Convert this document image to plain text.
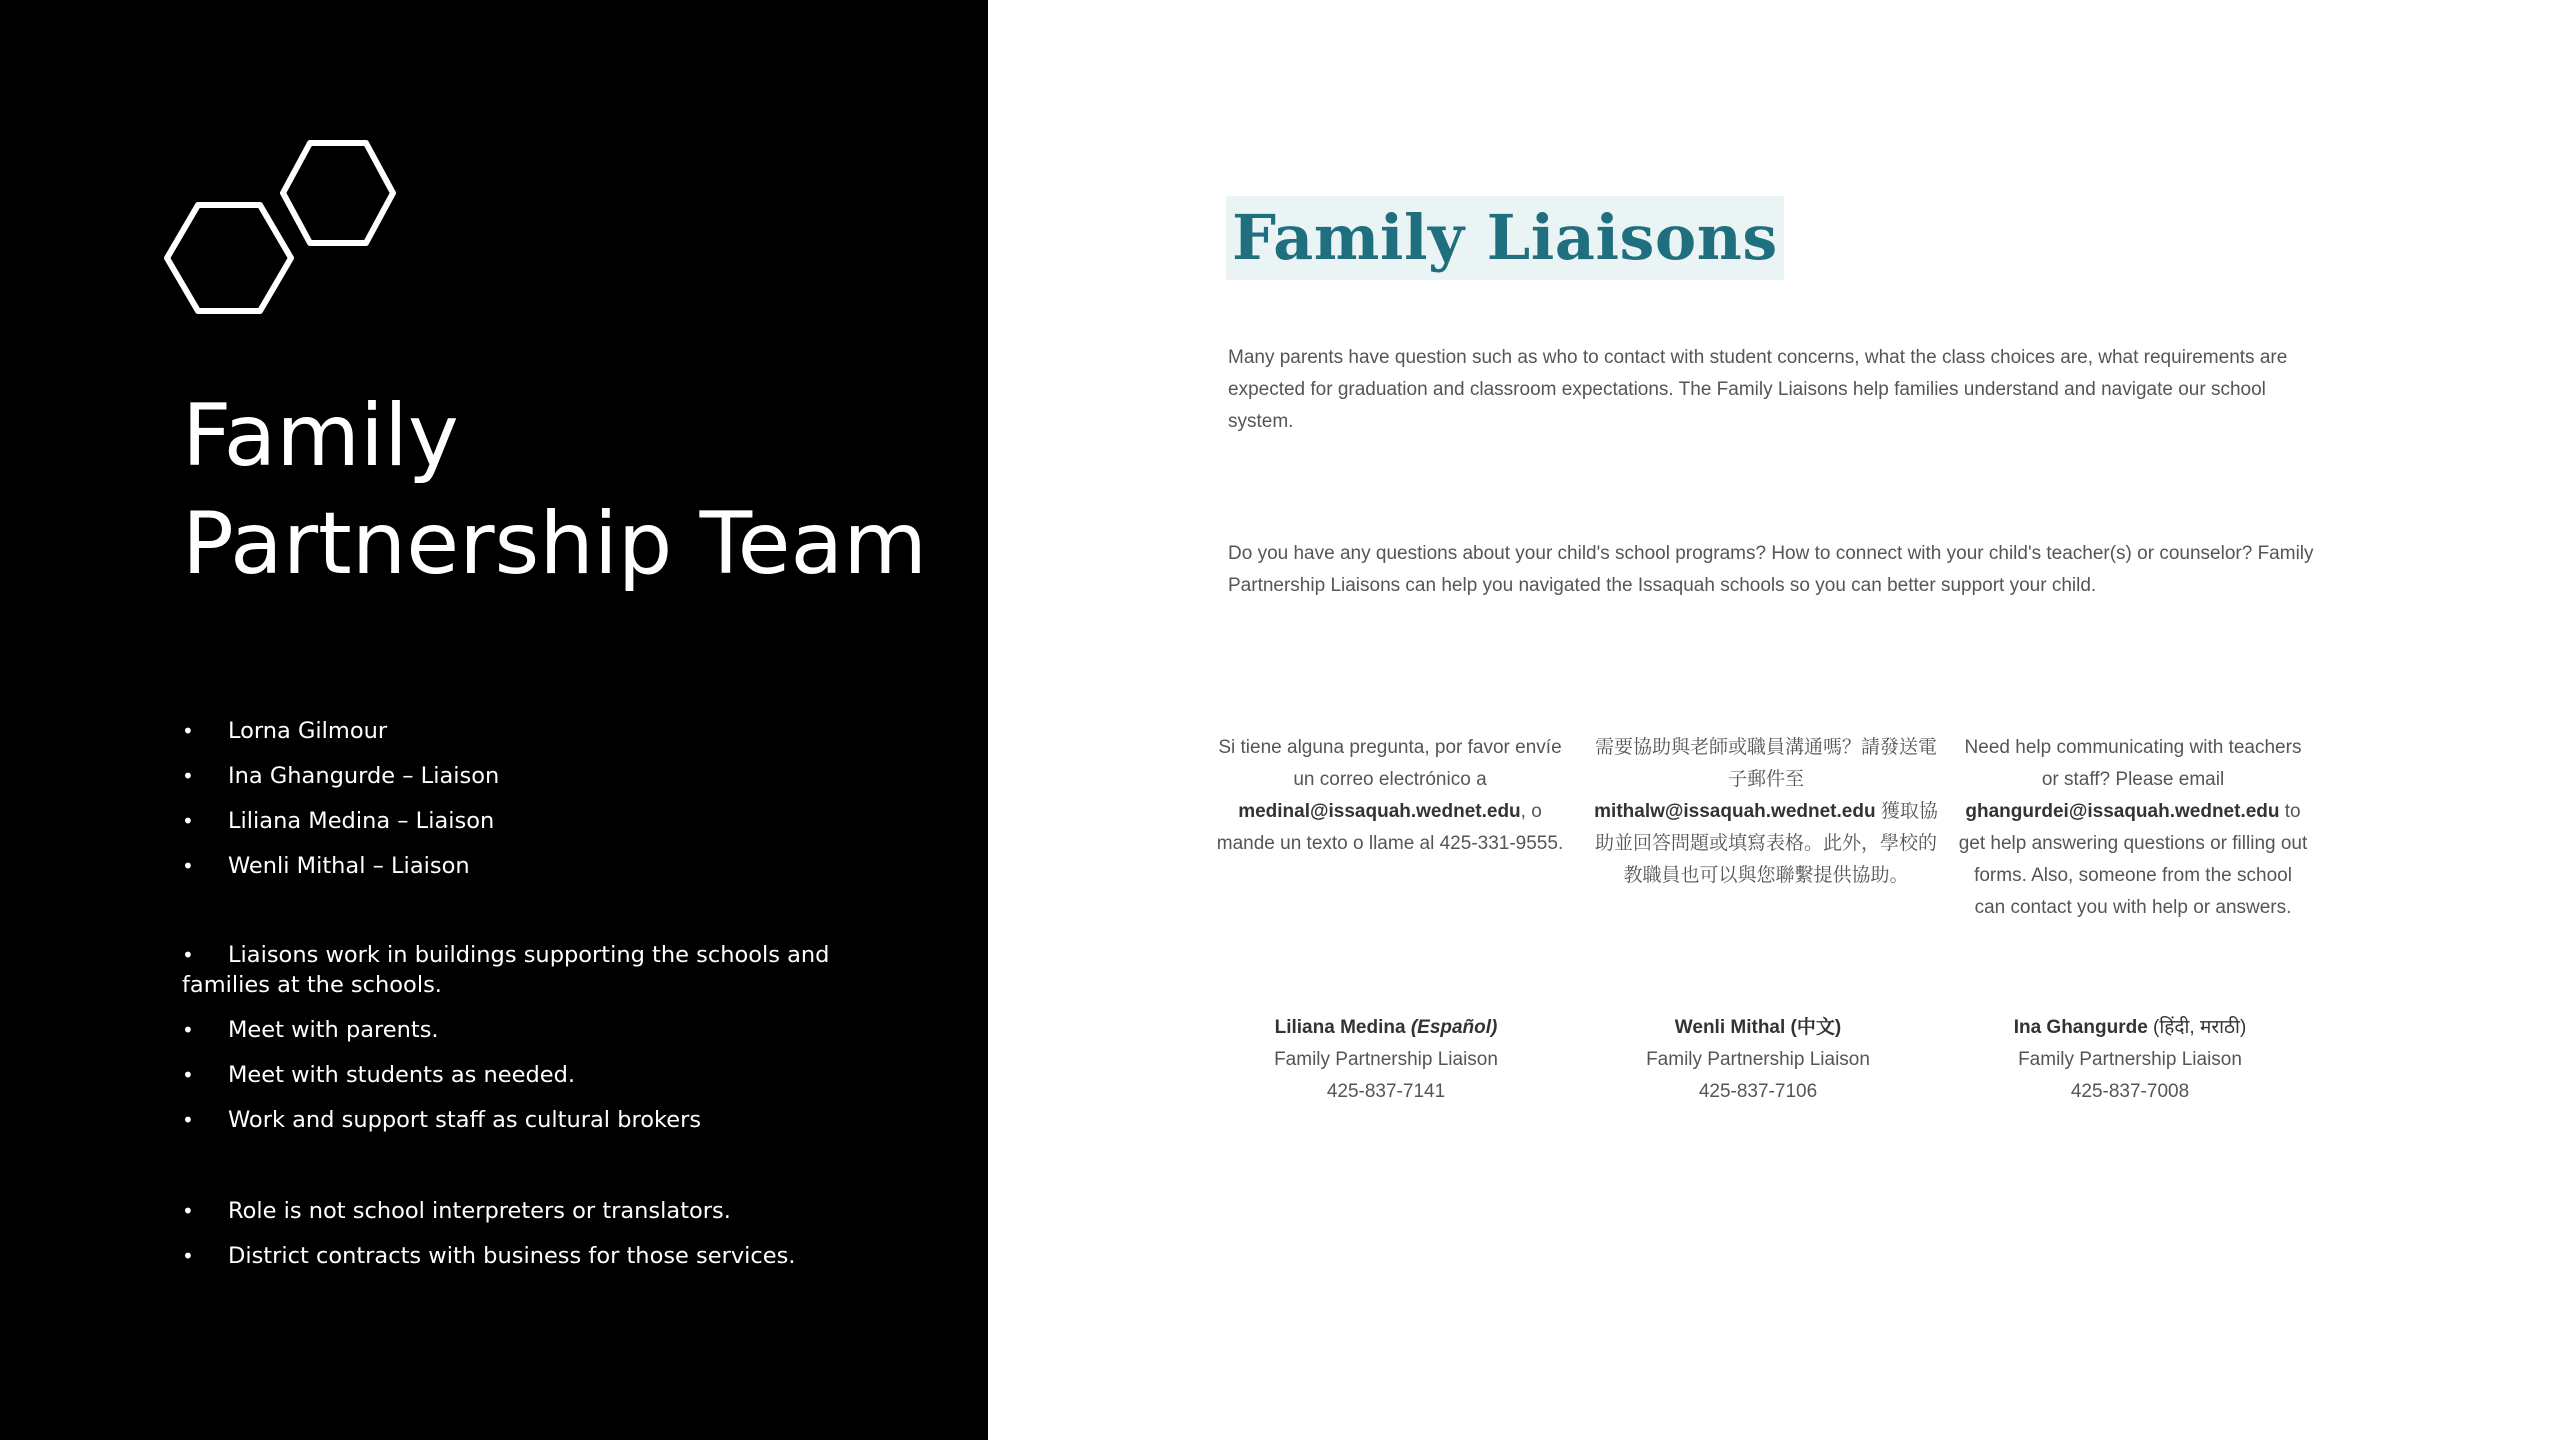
Family
Partnership Team
• Lorna Gilmour
• Ina Ghangurde – Liaison
• Liliana Medina – Liaison
• Wenli Mithal – Liaison
• Liaisons work in buildings supporting the schools and families at the schools.
• Meet with parents.
• Meet with students as needed.
• Work and support staff as cultural brokers
• Role is not school interpreters or translators.
• District contracts with business for those services.
Family Liaisons

Many parents have question such as who to contact with student concerns, what the class choices are, what requirements are expected for graduation and classroom expectations. The Family Liaisons help families understand and navigate our school system.

Do you have any questions about your child's school programs? How to connect with your child's teacher(s) or counselor? Family Partnership Liaisons can help you navigated the Issaquah schools so you can better support your child.

Si tiene alguna pregunta, por favor envíe un correo electrónico a medinal@issaquah.wednet.edu, o mande un texto o llame al 425-331-9555.
需要協助與老師或職員溝通嗎？請發送電子郵件至 mithalw@issaquah.wednet.edu 獲取協助並回答問題或填寫表格。此外，學校的教職員也可以與您聯繫提供協助。
Need help communicating with teachers or staff? Please email ghangurdei@issaquah.wednet.edu to get help answering questions or filling out forms. Also, someone from the school can contact you with help or answers.
Liliana Medina (Español)
Family Partnership Liaison
425-837-7141
Wenli Mithal (中文)
Family Partnership Liaison
425-837-7106
Ina Ghangurde (हिंदी, मराठी)
Family Partnership Liaison
425-837-7008
